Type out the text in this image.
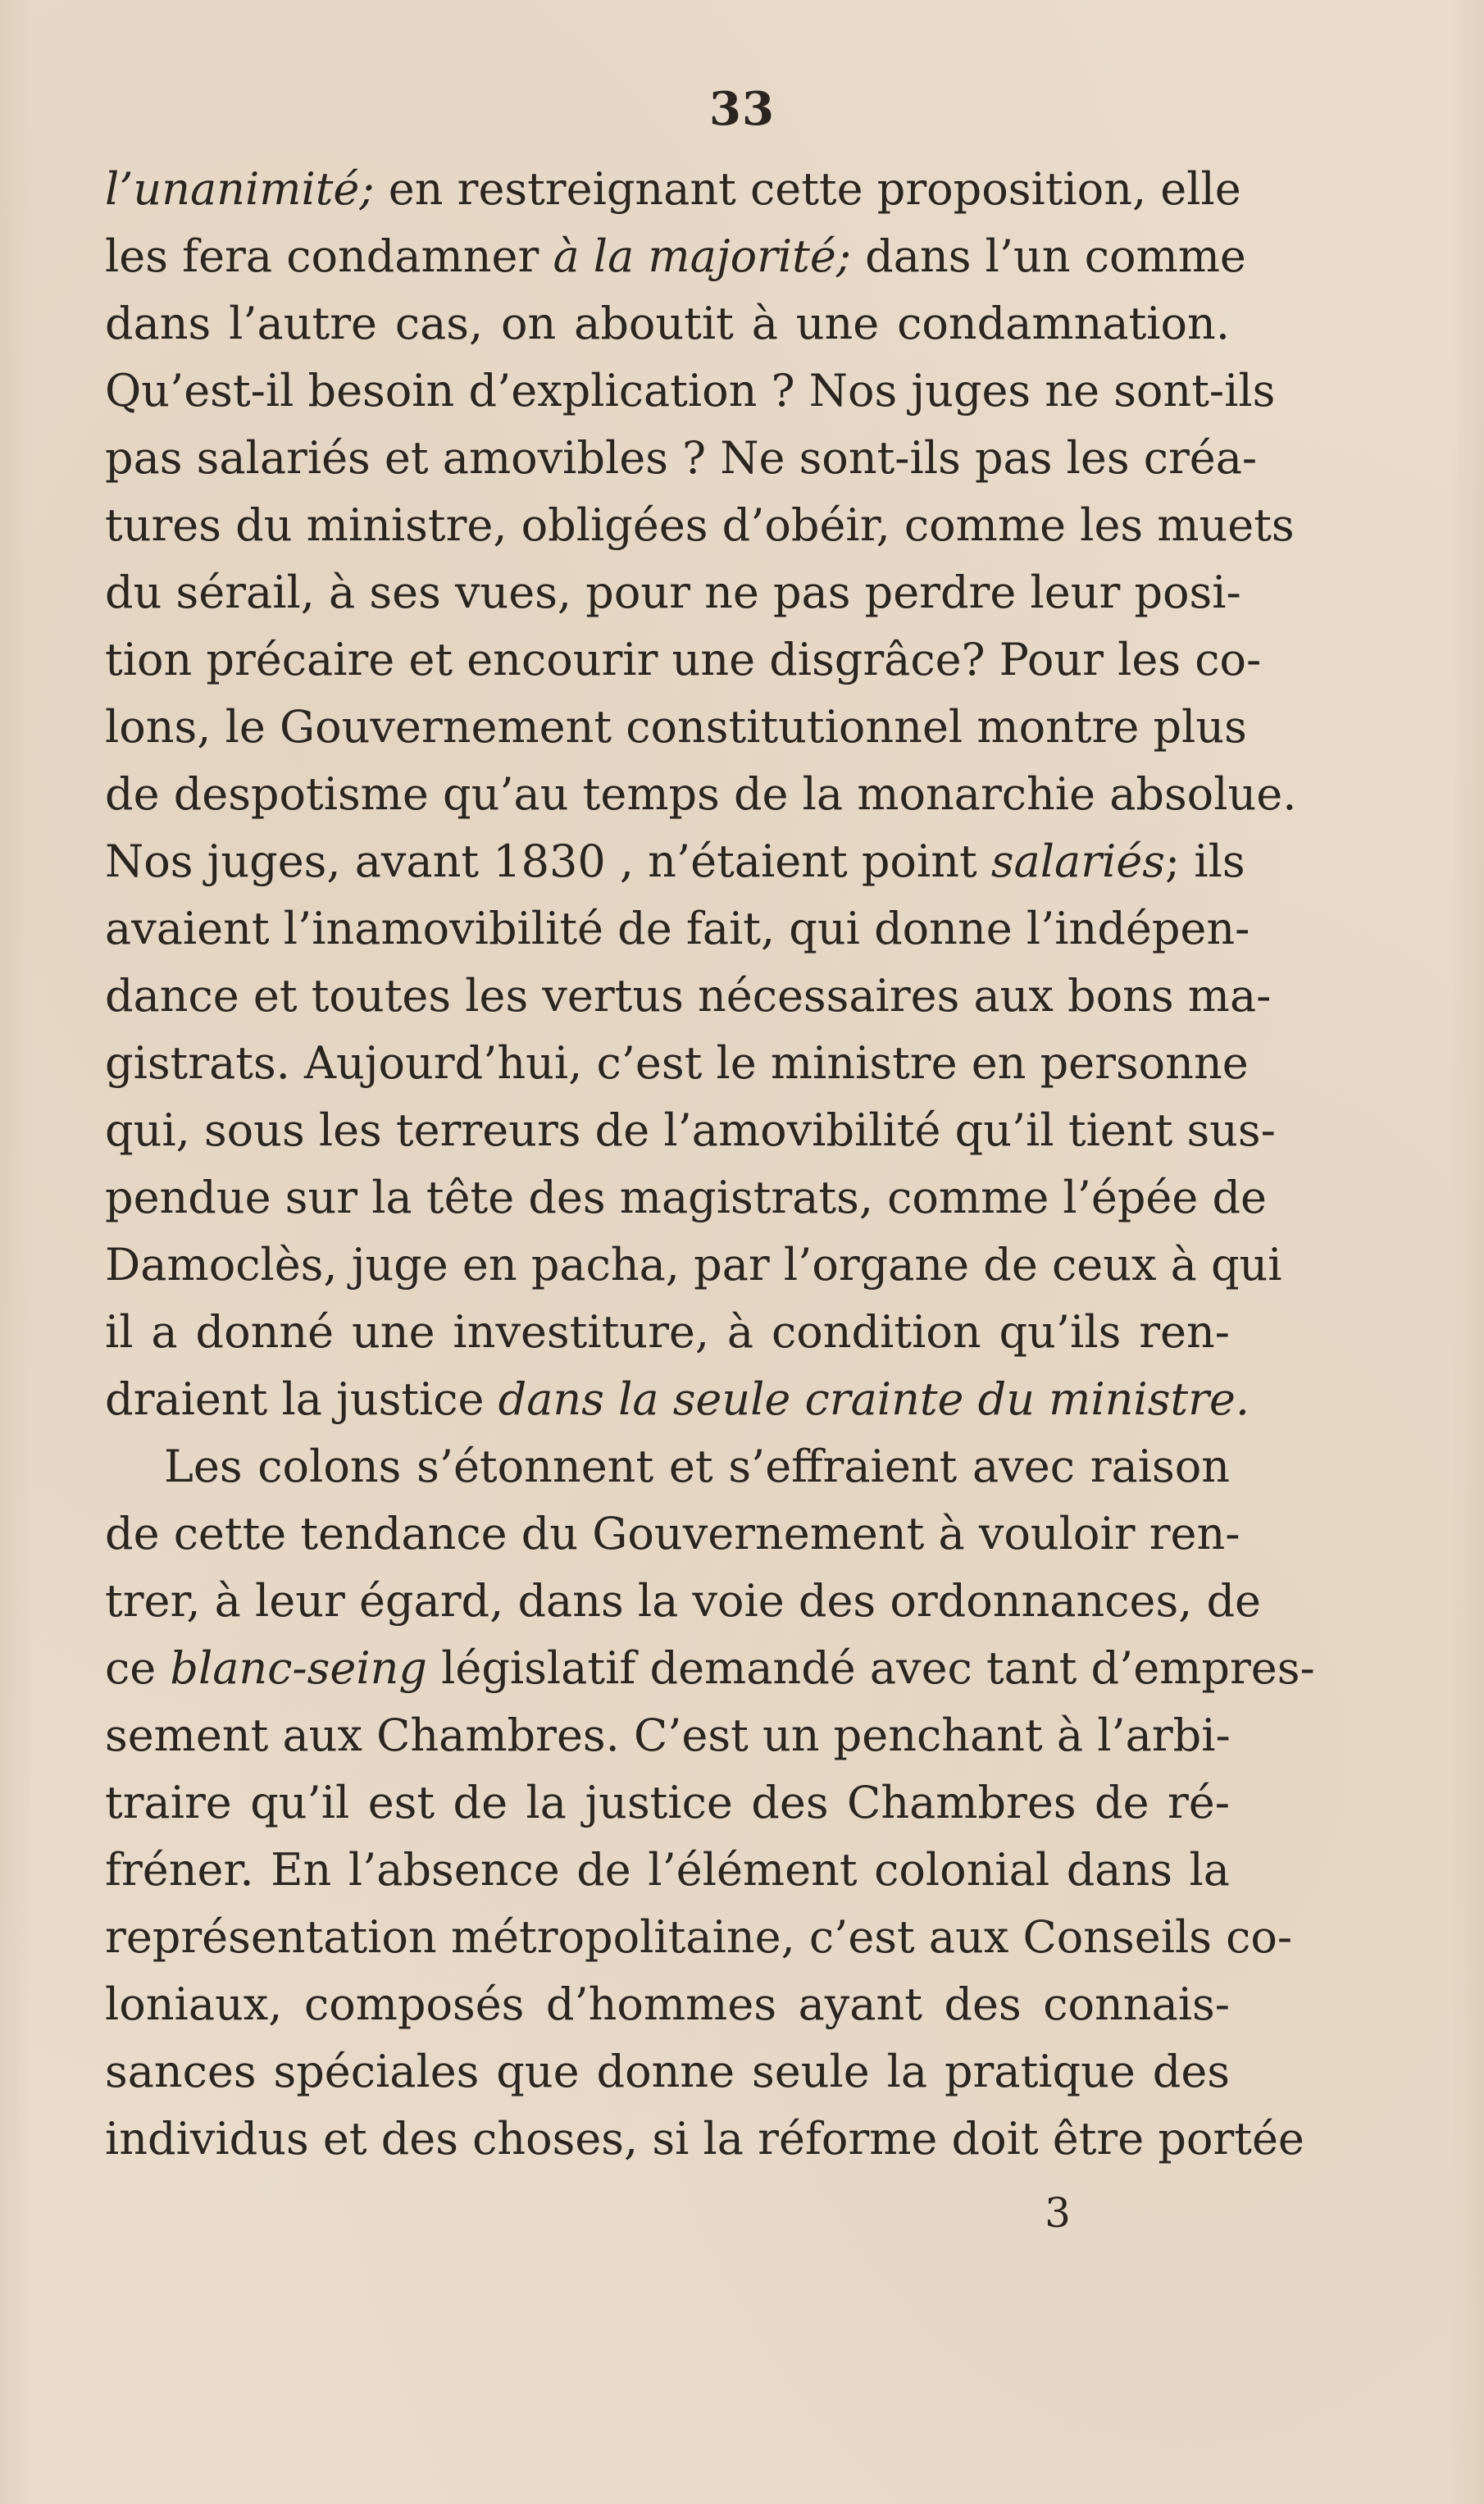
33
l’unanimité; en restreignant cette proposition, elle
les fera condamner à la majorité; dans l’un comme
dans l’autre cas, on aboutit à une condamnation.
Qu’est-il besoin d’explication ? Nos juges ne sont-ils
pas salariés et amovibles ? Ne sont-ils pas les créa-
tures du ministre, obligées d’obéir, comme les muets
du sérail, à ses vues, pour ne pas perdre leur posi-
tion précaire et encourir une disgrâce? Pour les co-
lons, le Gouvernement constitutionnel montre plus
de despotisme qu’au temps de la monarchie absolue.
Nos juges, avant 1830 , n’étaient point salariés; ils
avaient l’inamovibilité de fait, qui donne l’indépen-
dance et toutes les vertus nécessaires aux bons ma-
gistrats. Aujourd’hui, c’est le ministre en personne
qui, sous les terreurs de l’amovibilité qu’il tient sus-
pendue sur la tête des magistrats, comme l’épée de
Damoclès, juge en pacha, par l’organe de ceux à qui
il a donné une investiture, à condition qu’ils ren-
draient la justice dans la seule crainte du ministre.
Les colons s’étonnent et s’effraient avec raison
de cette tendance du Gouvernement à vouloir ren-
trer, à leur égard, dans la voie des ordonnances, de
ce blanc-seing législatif demandé avec tant d’empres-
sement aux Chambres. C’est un penchant à l’arbi-
traire qu’il est de la justice des Chambres de ré-
fréner. En l’absence de l’élément colonial dans la
représentation métropolitaine, c’est aux Conseils co-
loniaux, composés d’hommes ayant des connais-
sances spéciales que donne seule la pratique des
individus et des choses, si la réforme doit être portée
3
